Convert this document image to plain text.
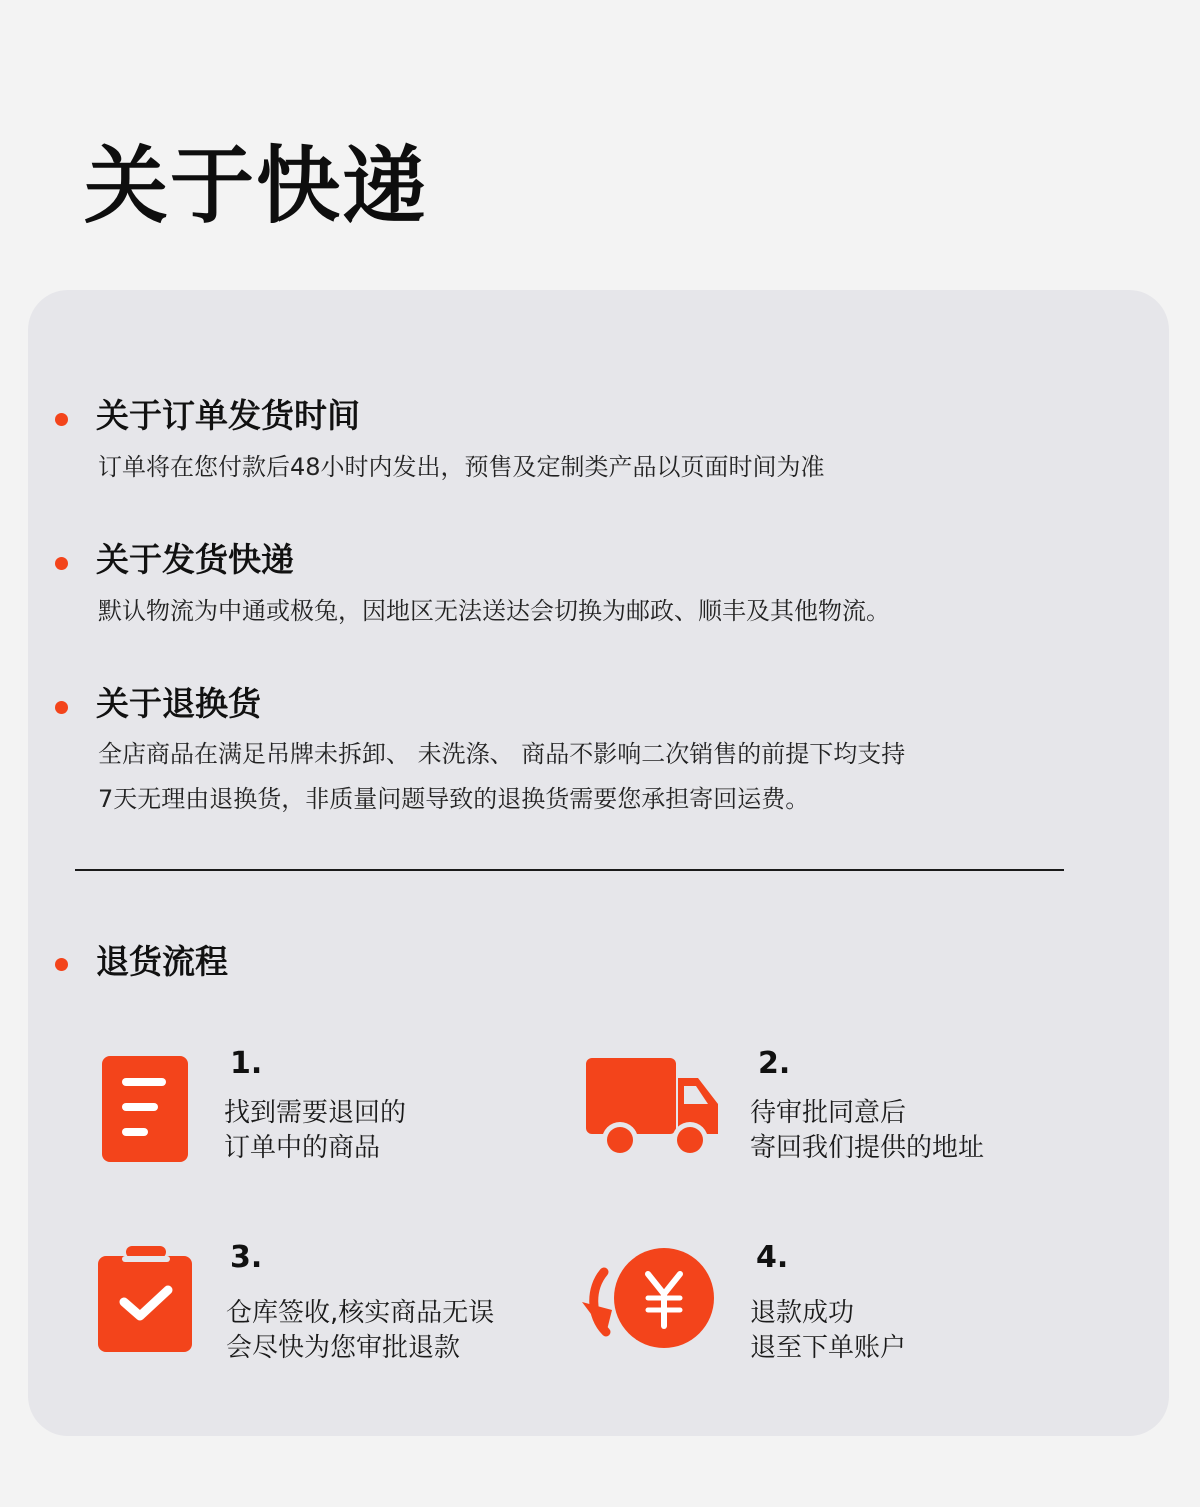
关于快递
关于订单发货时间
订单将在您付款后48小时内发出，预售及定制类产品以页面时间为准
关于发货快递
默认物流为中通或极兔，因地区无法送达会切换为邮政、顺丰及其他物流。
关于退换货
全店商品在满足吊牌未拆卸、 未洗涤、 商品不影响二次销售的前提下均支持
7天无理由退换货，非质量问题导致的退换货需要您承担寄回运费。
退货流程
1.
找到需要退回的
订单中的商品
2.
待审批同意后
寄回我们提供的地址
3.
仓库签收,核实商品无误
会尽快为您审批退款
4.
退款成功
退至下单账户
